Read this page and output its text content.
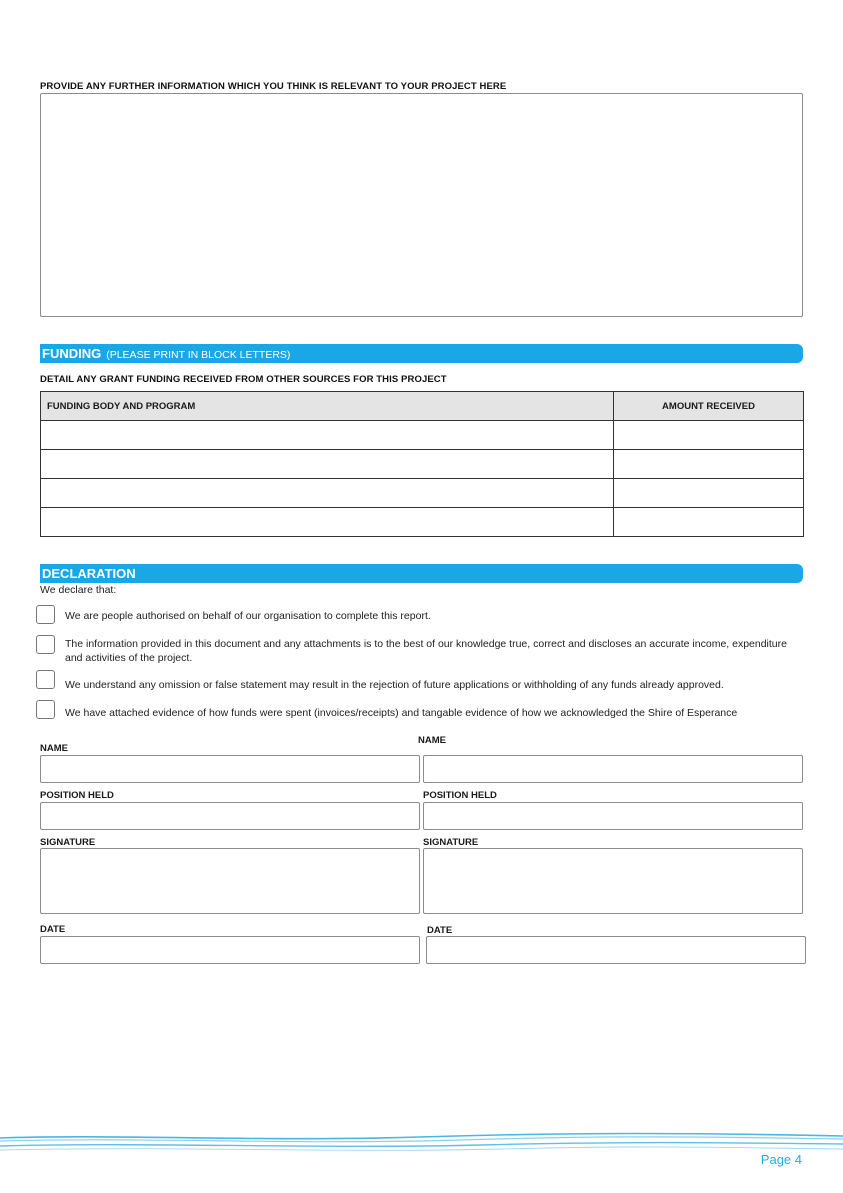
PROVIDE ANY FURTHER INFORMATION WHICH YOU THINK IS RELEVANT TO YOUR PROJECT HERE
FUNDING (PLEASE PRINT IN BLOCK LETTERS)
DETAIL ANY GRANT FUNDING RECEIVED FROM OTHER SOURCES FOR THIS PROJECT
FUNDING BODY AND PROGRAM	AMOUNT RECEIVED

DECLARATION
We declare that:
We are people authorised on behalf of our organisation to complete this report.
The information provided in this document and any attachments is to the best of our knowledge true, correct and discloses an accurate income, expenditure and activities of the project.
We understand any omission or false statement may result in the rejection of future applications or withholding of any funds already approved.
We have attached evidence of how funds were spent (invoices/receipts) and tangable evidence of how we acknowledged the Shire of Esperance
NAME
POSITION HELD
SIGNATURE
DATE
NAME
POSITION HELD
SIGNATURE
DATE
Page 4
